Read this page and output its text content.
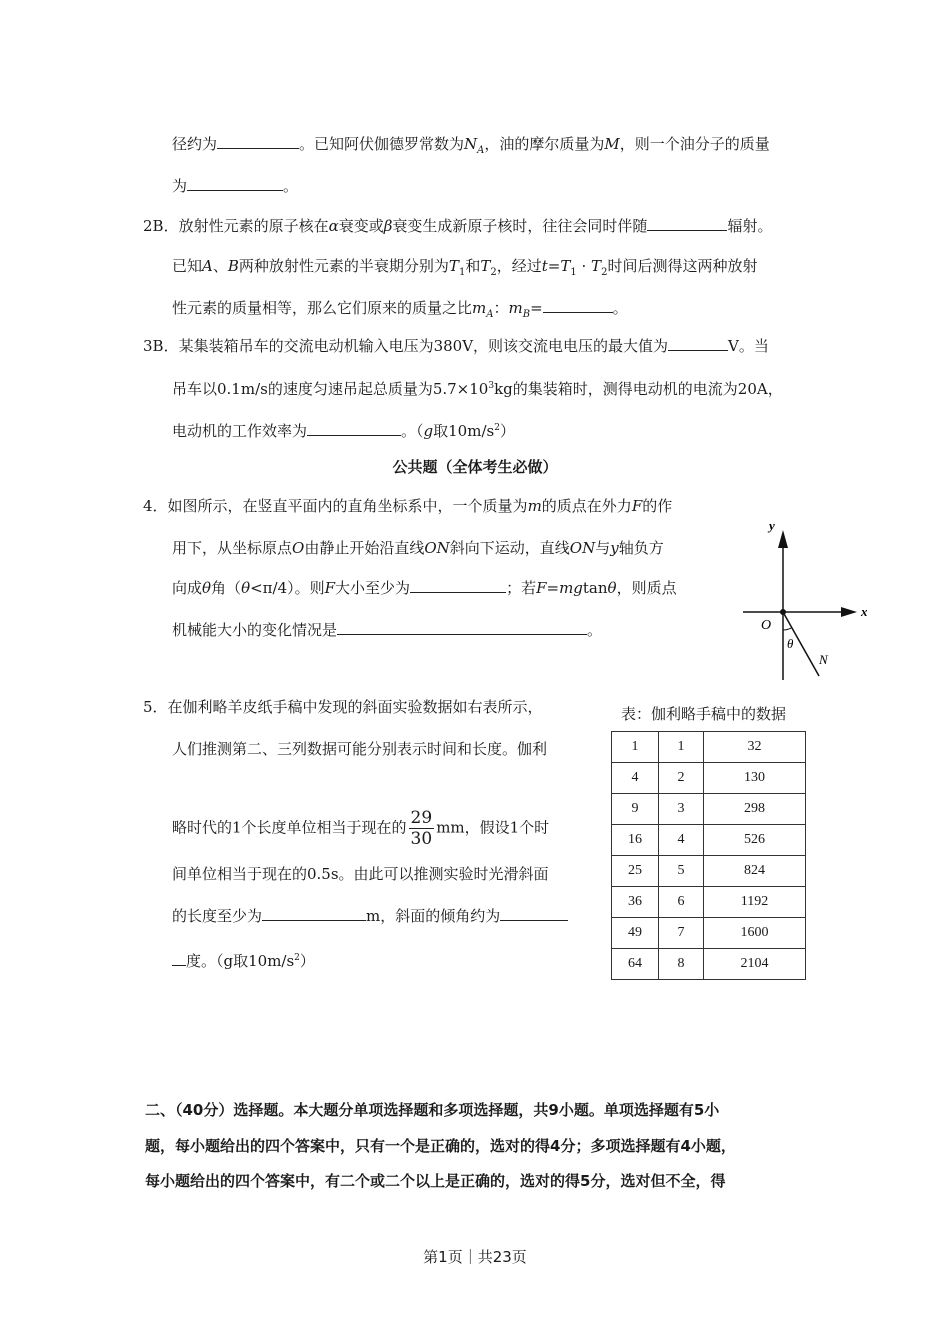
径约为	。已知阿伏伽德罗常数为$N_A$，油的摩尔质量为M，则一个油分子的质量
为	。
2B．放射性元素的原子核在α衰变或β衰变生成新原子核时，往往会同时伴随	辐射。
已知A、B两种放射性元素的半衰期分别为$T_1$和$T_2$，经过$t=T_1 \cdot T_2$时间后测得这两种放射
性元素的质量相等，那么它们原来的质量之比$m_A$：$m_B=$	。
3B．某集装箱吊车的交流电动机输入电压为380V，则该交流电电压的最大值为	V。当
吊车以0.1m/s的速度匀速吊起总质量为$5.7\times 10^3kg$的集装箱时，测得电动机的电流为20A，
电动机的工作效率为	。（g取$10m/s^2$）
公共题（全体考生必做）
4．如图所示，在竖直平面内的直角坐标系中，一个质量为m的质点在外力F的作
用下，从坐标原点O由静止开始沿直线ON斜向下运动，直线ON与y轴负方
向成θ角（θ<π/4）。则F大小至少为	；若F=mgtanθ，则质点
机械能大小的变化情况是	。
y
x
O
θ
N
5．在伽利略羊皮纸手稿中发现的斜面实验数据如右表所示，
人们推测第二、三列数据可能分别表示时间和长度。伽利
略时代的1个长度单位相当于现在的 $\frac{29}{30}$ mm，假设1个时
间单位相当于现在的0.5s。由此可以推测实验时光滑斜面
的长度至少为	m，斜面的倾角约为
度。（g取$10m/s^2$）
表：伽利略手稿中的数据
1	1	32
4	2	130
9	3	298
16	4	526
25	5	824
36	6	1192
49	7	1600
64	8	2104
二、（40分）选择题。本大题分单项选择题和多项选择题，共9小题。单项选择题有5小
题，每小题给出的四个答案中，只有一个是正确的，选对的得4分；多项选择题有4小题，
每小题给出的四个答案中，有二个或二个以上是正确的，选对的得5分，选对但不全，得
第1页｜共23页
